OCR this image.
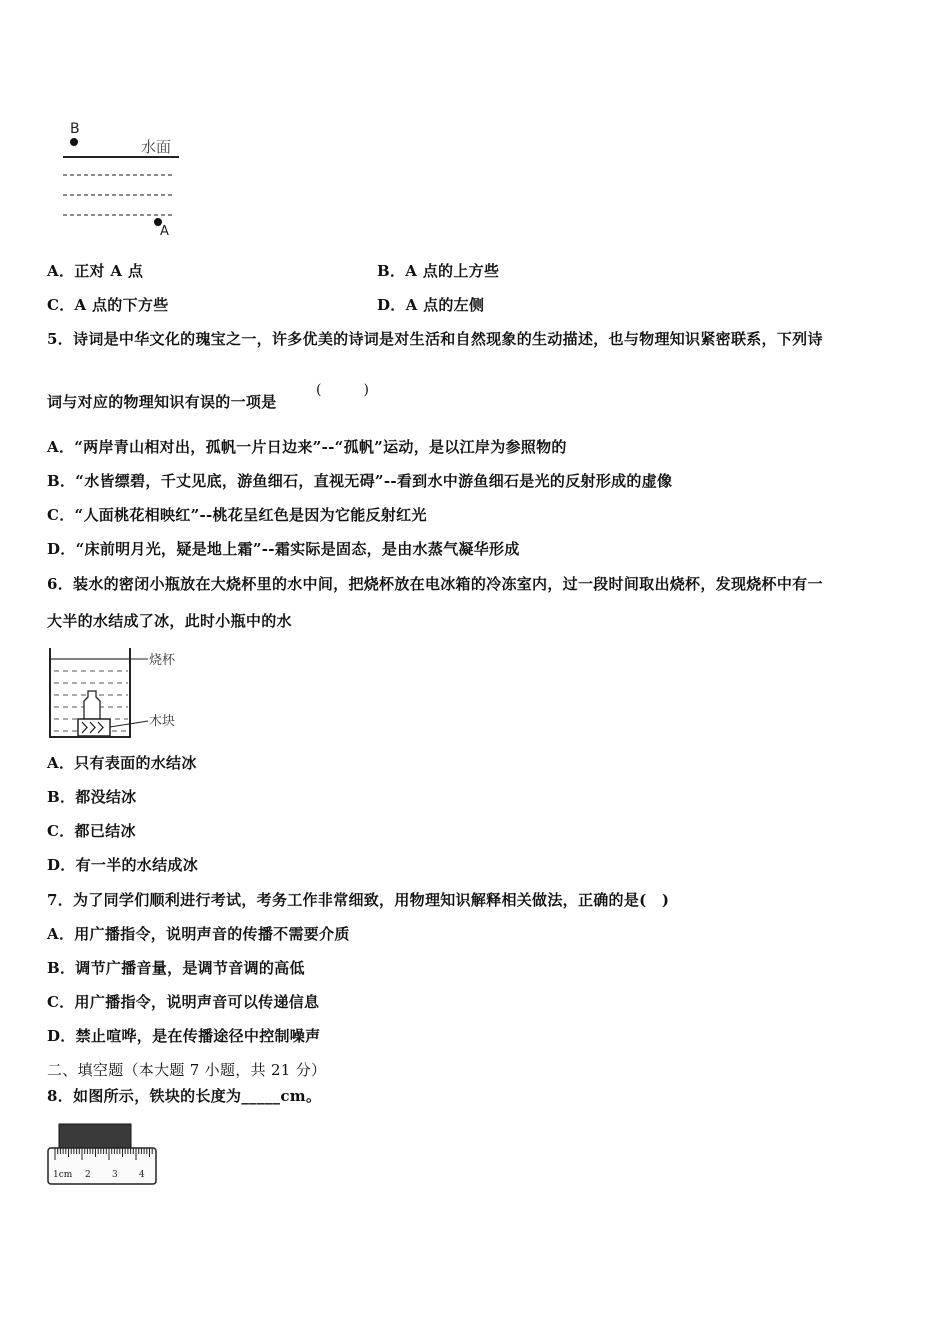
B
水面
A
A．正对 A 点	B．A 点的上方些
C．A 点的下方些	D．A 点的左侧
5．诗词是中华文化的瑰宝之一，许多优美的诗词是对生活和自然现象的生动描述，也与物理知识紧密联系，下列诗
词与对应的物理知识有误的一项是
(　　　)
A．“两岸青山相对出，孤帆一片日边来”--“孤帆”运动，是以江岸为参照物的
B．“水皆缥碧，千丈见底，游鱼细石，直视无碍”--看到水中游鱼细石是光的反射形成的虚像
C．“人面桃花相映红”--桃花呈红色是因为它能反射红光
D．“床前明月光，疑是地上霜”--霜实际是固态，是由水蒸气凝华形成
6．装水的密闭小瓶放在大烧杯里的水中间，把烧杯放在电冰箱的冷冻室内，过一段时间取出烧杯，发现烧杯中有一
大半的水结成了冰，此时小瓶中的水
烧杯
木块
A．只有表面的水结冰
B．都没结冰
C．都已结冰
D．有一半的水结成冰
7．为了同学们顺利进行考试，考务工作非常细致，用物理知识解释相关做法，正确的是(　)
A．用广播指令，说明声音的传播不需要介质
B．调节广播音量，是调节音调的高低
C．用广播指令，说明声音可以传递信息
D．禁止喧哗，是在传播途径中控制噪声
二、填空题（本大题 7 小题，共 21 分）
8．如图所示，铁块的长度为_____cm。
1cm 2 3 4
